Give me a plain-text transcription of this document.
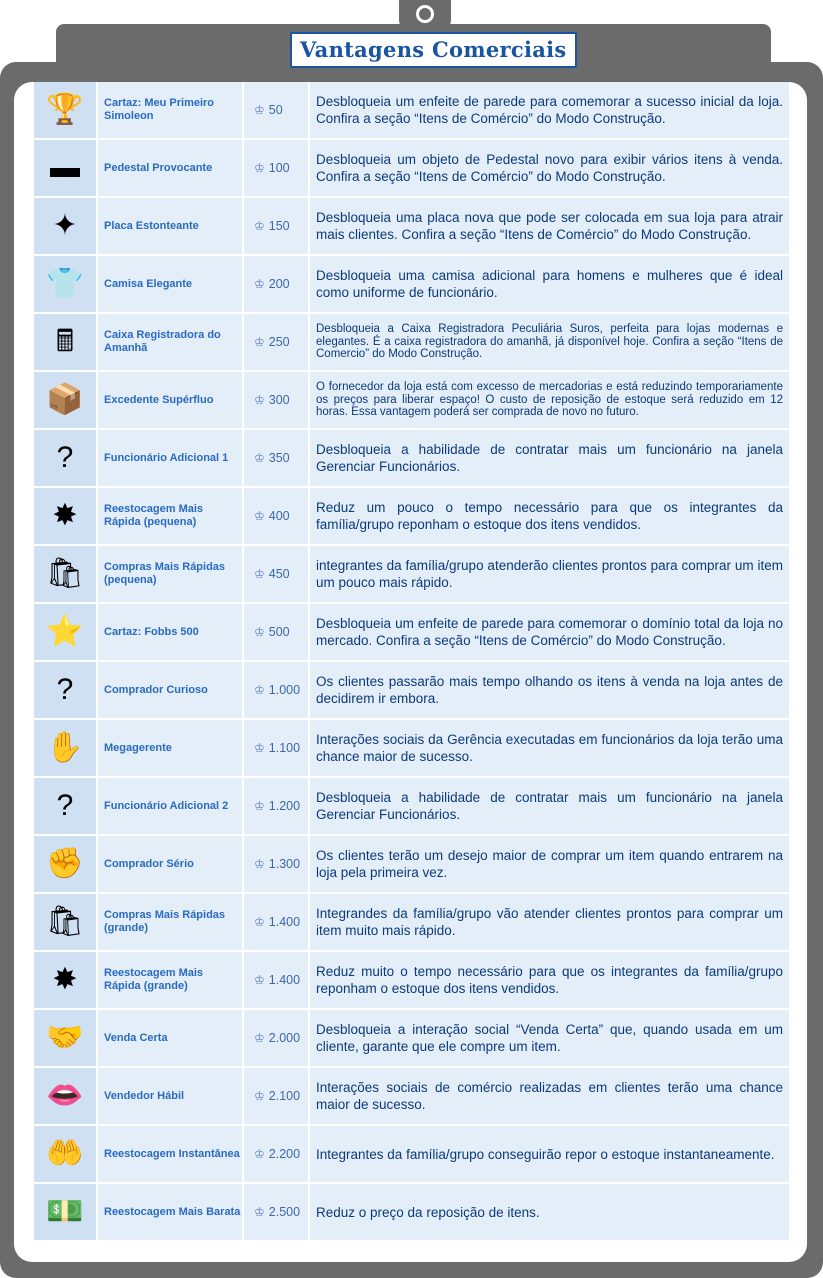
Vantagens Comerciais
🏆	Cartaz: Meu Primeiro Simoleon	♔ 50
Desbloqueia um enfeite de parede para comemorar a sucesso inicial da loja. Confira a seção “Itens de Comércio” do Modo Construção.
▬	Pedestal Provocante	♔ 100
Desbloqueia um objeto de Pedestal novo para exibir vários itens à venda. Confira a seção “Itens de Comércio” do Modo Construção.
✦	Placa Estonteante	♔ 150
Desbloqueia uma placa nova que pode ser colocada em sua loja para atrair mais clientes. Confira a seção “Itens de Comércio” do Modo Construção.
👕	Camisa Elegante	♔ 200
Desbloqueia uma camisa adicional para homens e mulheres que é ideal como uniforme de funcionário.
🖩	Caixa Registradora do Amanhã	♔ 250
Desbloqueia a Caixa Registradora Peculiária Suros, perfeita para lojas modernas e elegantes. É a caixa registradora do amanhã, já disponível hoje. Confira a seção “Itens de Comercio” do Modo Construção.
📦	Excedente Supérfluo	♔ 300
O fornecedor da loja está com excesso de mercadorias e está reduzindo temporariamente os preços para liberar espaço! O custo de reposição de estoque será reduzido em 12 horas. Essa vantagem poderá ser comprada de novo no futuro.
?	Funcionário Adicional 1	♔ 350
Desbloqueia a habilidade de contratar mais um funcionário na janela Gerenciar Funcionários.
✸	Reestocagem Mais Rápida (pequena)	♔ 400
Reduz um pouco o tempo necessário para que os integrantes da família/grupo reponham o estoque dos itens vendidos.
🛍	Compras Mais Rápidas (pequena)	♔ 450
integrantes da família/grupo atenderão clientes prontos para comprar um item um pouco mais rápido.
⭐	Cartaz: Fobbs 500	♔ 500
Desbloqueia um enfeite de parede para comemorar o domínio total da loja no mercado. Confira a seção “Itens de Comércio” do Modo Construção.
?	Comprador Curioso	♔ 1.000
Os clientes passarão mais tempo olhando os itens à venda na loja antes de decidirem ir embora.
✋	Megagerente	♔ 1.100
Interações sociais da Gerência executadas em funcionários da loja terão uma chance maior de sucesso.
?	Funcionário Adicional 2	♔ 1.200
Desbloqueia a habilidade de contratar mais um funcionário na janela Gerenciar Funcionários.
✊	Comprador Sério	♔ 1.300
Os clientes terão um desejo maior de comprar um item quando entrarem na loja pela primeira vez.
🛍	Compras Mais Rápidas (grande)	♔ 1.400
Integrandes da família/grupo vão atender clientes prontos para comprar um item muito mais rápido.
✸	Reestocagem Mais Rápida (grande)	♔ 1.400
Reduz muito o tempo necessário para que os integrantes da família/grupo reponham o estoque dos itens vendidos.
🤝	Venda Certa	♔ 2.000
Desbloqueia a interação social “Venda Certa” que, quando usada em um cliente, garante que ele compre um item.
👄	Vendedor Hábil	♔ 2.100
Interações sociais de comércio realizadas em clientes terão uma chance maior de sucesso.
🤲	Reestocagem Instantânea ♔ 2.200	Integrantes da família/grupo conseguirão repor o estoque instantaneamente.
💵	Reestocagem Mais Barata ♔ 2.500	Reduz o preço da reposição de itens.
